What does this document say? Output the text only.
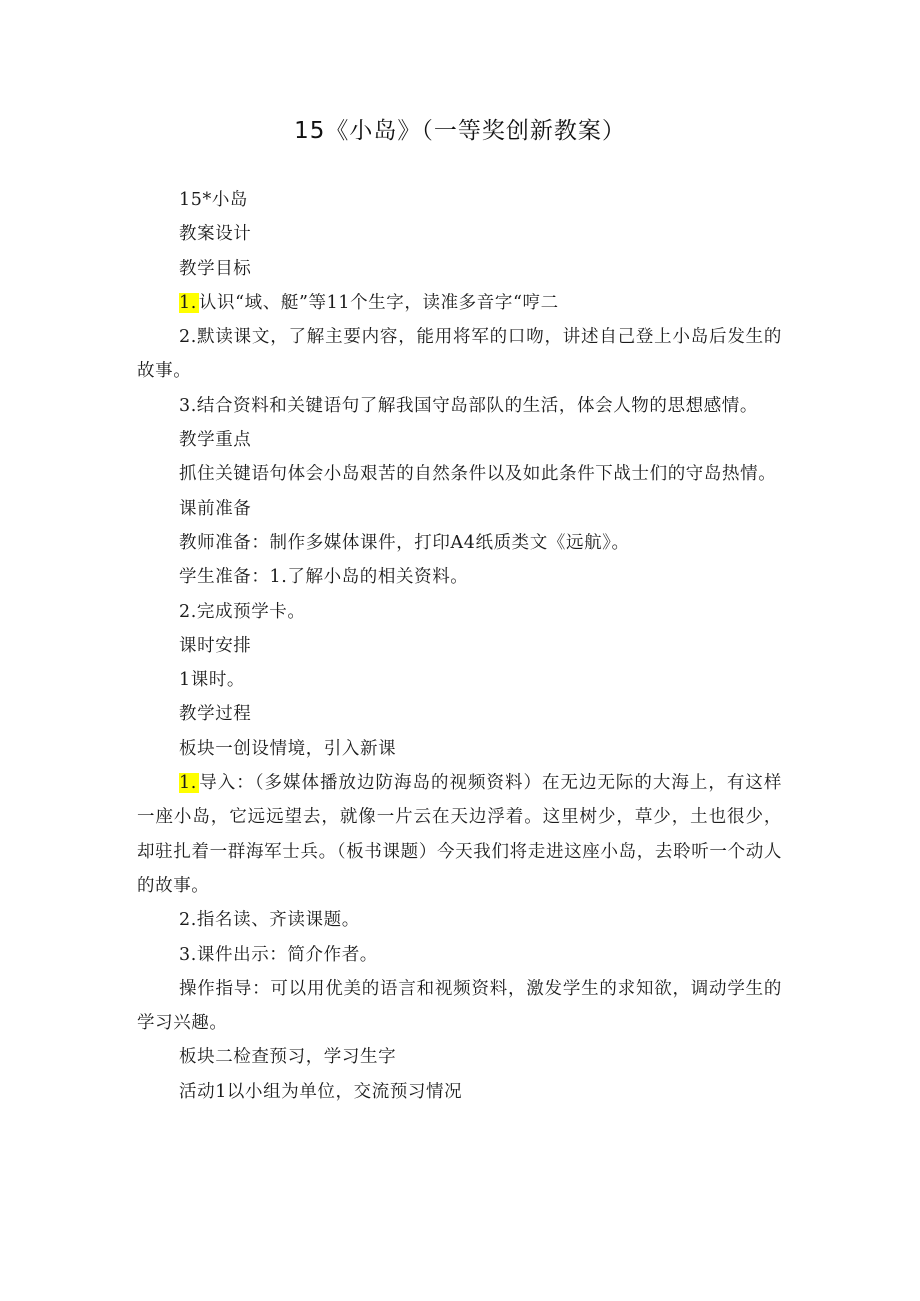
15《小岛》（一等奖创新教案）

15*小岛

教案设计

教学目标

1. 认识“域、艇”等11个生字，读准多音字“哼二

2.默读课文，了解主要内容，能用将军的口吻，讲述自己登上小岛后发生的故事。

3.结合资料和关键语句了解我国守岛部队的生活，体会人物的思想感情。

教学重点

抓住关键语句体会小岛艰苦的自然条件以及如此条件下战士们的守岛热情。

课前准备

教师准备：制作多媒体课件，打印A4纸质类文《远航》。

学生准备：1.了解小岛的相关资料。

2.完成预学卡。

课时安排

1课时。

教学过程

板块一创设情境，引入新课

1. 导入：（多媒体播放边防海岛的视频资料）在无边无际的大海上，有这样一座小岛，它远远望去，就像一片云在天边浮着。这里树少，草少，土也很少，却驻扎着一群海军士兵。（板书课题）今天我们将走进这座小岛，去聆听一个动人的故事。

2.指名读、齐读课题。

3.课件出示：简介作者。

操作指导：可以用优美的语言和视频资料，激发学生的求知欲，调动学生的学习兴趣。

板块二检查预习，学习生字

活动1以小组为单位，交流预习情况
